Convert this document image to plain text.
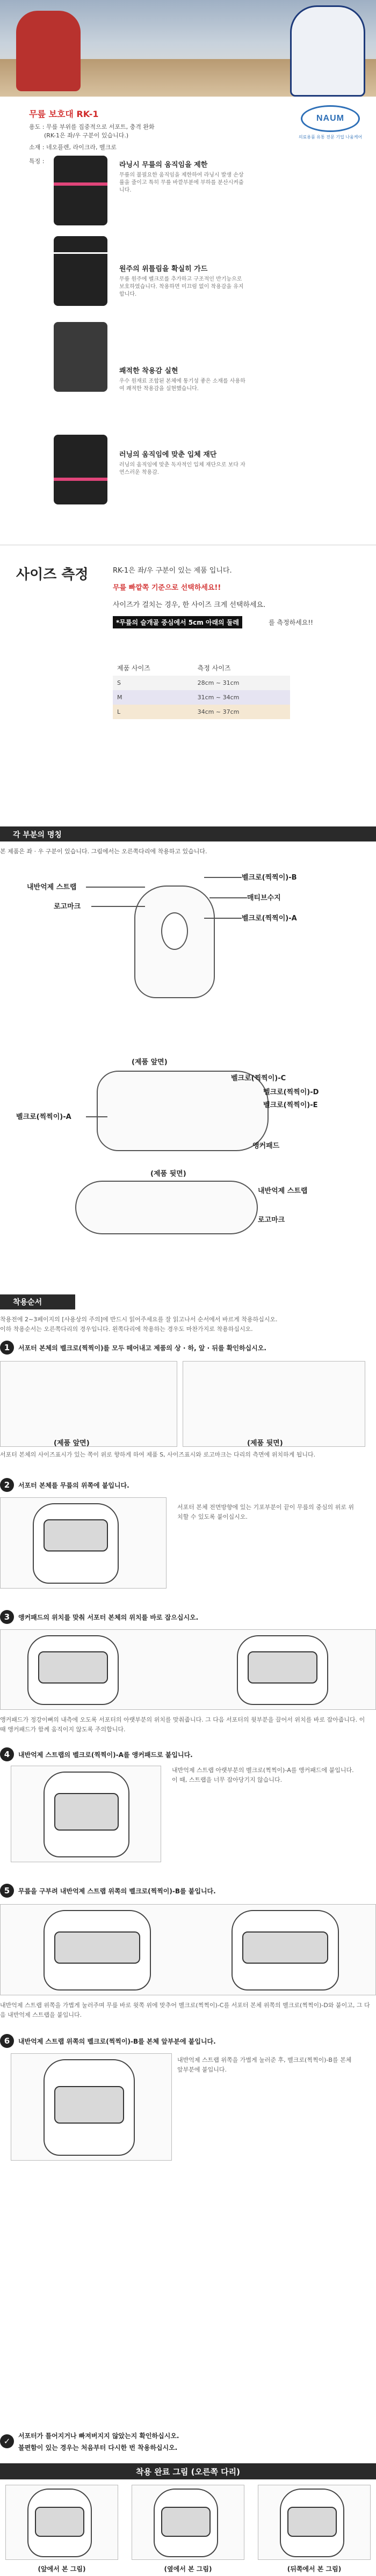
NAUM
의료용품 유통 전문 기업 나움케어
무릎 보호대 RK-1
용도 : 무릎 부위를 집중적으로 서포트, 충격 완화
(RK-1은 좌/우 구분이 있습니다.)
소재 : 네오플렌, 라이크라, 벨크로
특징 :	라닝시 무릎의 움직임을 제한
무릎의 불필요한 움직임을 제한하여 라닝시 발생 손상률을 줄이고 특히 무릎 바깥부분에 부하를 분산시켜줍니다.
원주의 위틀림을 확실히 가드
무릎 원주에 벨크로를 추가하고 구조적인 반기능으로 보호하였습니다. 착용하면 미끄럼 없이 착용감을 유지합니다.
쾌적한 착용감 실현
우수 원재료 조합된 본체에 통기성 좋은 소재를 사용하여 쾌적한 착용감을 실현했습니다.
러닝의 움직임에 맞춘 입체 재단
러닝의 움직임에 맞춘 독자적인 입체 재단으로 보다 자연스러운 착용감.
사이즈 측정	RK-1은 좌/우 구분이 있는 제품 입니다.
무릎 빠깥쪽 기준으로 선택하세요!!
사이즈가 걸치는 경우, 한 사이즈 크게 선택하세요.
*무릎의 슬개골 중심에서 5cm 아래의 둘레	를 측정하세요!!
제품 사이즈	측정 사이즈
S	28cm ~ 31cm
M	31cm ~ 34cm
L	34cm ~ 37cm
각 부분의 명칭
본 제품은 좌 · 우 구분이 있습니다. 그림에서는 오른쪽다리에 착용하고 있습니다.
내반억제 스트랩
로고마크
벨크로(찍찍이)-B
매티브수지
벨크로(찍찍이)-A
(제품 앞면)
벨크로(찍찍이)-C
벨크로(찍찍이)-D
벨크로(찍찍이)-E
벨크로(찍찍이)-A
앵커패드
(제품 뒷면)
내반억제 스트랩
로고마크
착용순서
착용전에 2~3페이지의 [사용상의 주의]에 반드시 읽어주세요를 잘 읽고나서 순서에서 바르게 착용하십시오.
이하 착용순서는 오른쪽다리의 경우입니다. 왼쪽다리에 착용하는 경우도 마찬가지로 착용하십시오.
1	서포터 본체의 벨크로(찍찍이)를 모두 떼어내고 제품의 상 · 하, 앞 · 뒤를 확인하십시오.
(제품 앞면)	(제품 뒷면)
서포터 본체의 사이즈표시가 있는 쪽이 위로 향하게 하여 제품 S, 사이즈표시와 로고마크는 다리의 측면에 위치하게 됩니다.
2	서포터 본체를 무릎의 위쪽에 붙입니다.
서포터 본체 전면방향에 있는 기포부분이 끝이 무릎의 중심의 위로 위치할 수 있도록 붙이십시오.
3	앵커패드의 위치를 맞춰 서포터 본체의 위치를 바로 잡으십시오.
앵커패드가 정강이뼈의 내측에 오도록 서포터의 아랫부분의 위치를 맞춰줍니다. 그 다음 서포터의 윗부분을 끌어서 위치를 바로 잡아줍니다. 이 때 앵커패드가 함께 움직이지 않도록 주의합니다.
4	내반억제 스트랩의 벨크로(찍찍이)-A를 앵커패드로 붙입니다.
내반억제 스트랩 아랫부분의 벨크로(찍찍이)-A를 앵커패드에 붙입니다. 이 때, 스트랩을 너무 잡아당기지 않습니다.
5	무릎을 구부려 내반억제 스트랩 위쪽의 벨크로(찍찍이)-B를 붙입니다.
내반억제 스트랩 위쪽을 가볍게 눌러주며 무릎 바로 윗쪽 위에 맞추어 벨크로(찍찍이)-C를 서포터 본체 위쪽의 벨크로(찍찍이)-D와 붙이고, 그 다음 내반억제 스트랩을 붙입니다.
6	내반억제 스트랩 위쪽의 벨크로(찍찍이)-B를 본체 앞부분에 붙입니다.
내반억제 스트랩 위쪽을 가볍게 눌러준 후, 벨크로(찍찍이)-B를 본체 앞부분에 붙입니다.
✓
서포터가 틀어지거나 빠져버지지 않았는지 확인하십시오.
불편함이 있는 경우는 처음부터 다시한 번 착용하십시오.
착용 완료 그림 (오른쪽 다리)
(앞에서 본 그림)	(옆에서 본 그림)	(뒤쪽에서 본 그림)
